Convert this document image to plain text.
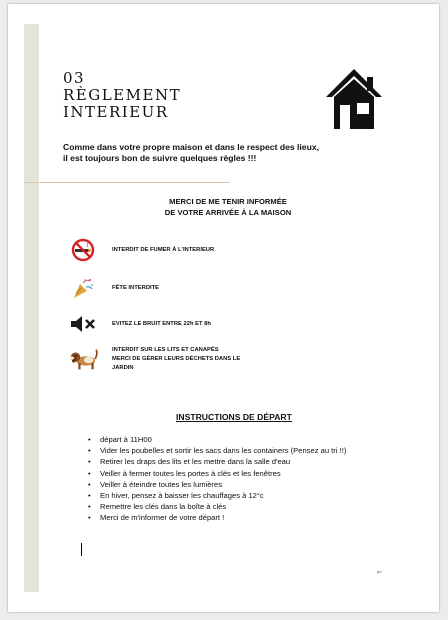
03
RÈGLEMENT
INTERIEUR
Comme dans votre propre maison et dans le respect des lieux,
il est toujours bon de suivre quelques règles !!!
MERCI DE ME TENIR INFORMÉE
DE VOTRE ARRIVÉE À LA MAISON
INTERDIT DE FUMER À L'INTERIEUR
FÊTE INTERDITE
EVITEZ LE BRUIT ENTRE 22h ET 8h
INTERDIT SUR LES LITS ET CANAPÉS
MERCI DE GÉRER LEURS DÉCHETS DANS LE
JARDIN
INSTRUCTIONS DE DÉPART
• départ à 11H00
• Vider les poubelles et sortir les sacs dans les containers (Pensez au tri !!)
• Retirer les draps des lits et les mettre dans la salle d'eau
• Veiller à fermer toutes les portes à clés et les fenêtres
• Veiller à éteindre toutes les lumières
• En hiver, pensez à baisser les chauffages à 12°c
• Remettre les clés dans la boîte à clés
• Merci de m'informer de votre départ !
pn
